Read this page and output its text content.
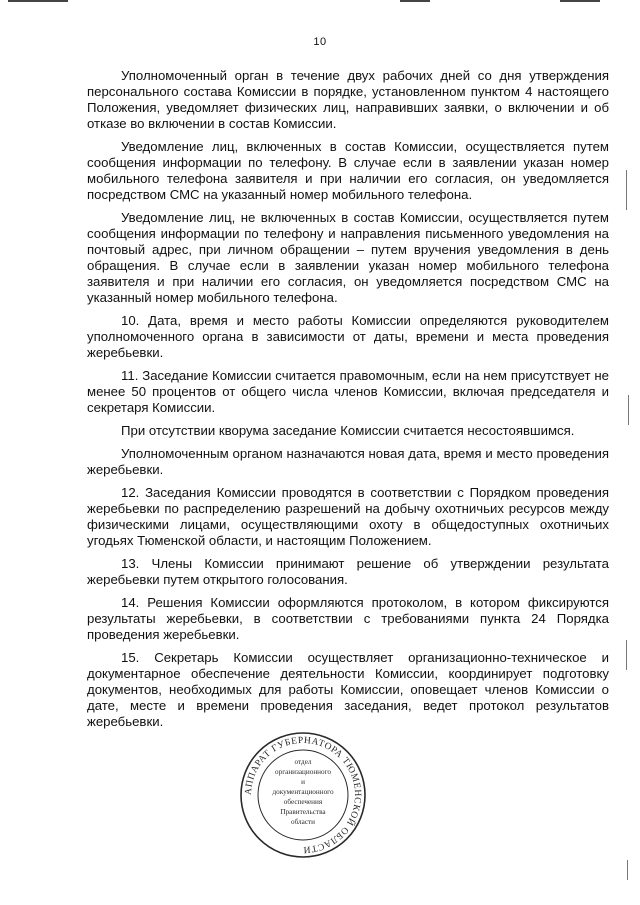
10

Уполномоченный орган в течение двух рабочих дней со дня утверждения персонального состава Комиссии в порядке, установленном пунктом 4 настоящего Положения, уведомляет физических лиц, направивших заявки, о включении и об отказе во включении в состав Комиссии.

Уведомление лиц, включенных в состав Комиссии, осуществляется путем сообщения информации по телефону. В случае если в заявлении указан номер мобильного телефона заявителя и при наличии его согласия, он уведомляется посредством СМС на указанный номер мобильного телефона.

Уведомление лиц, не включенных в состав Комиссии, осуществляется путем сообщения информации по телефону и направления письменного уведомления на почтовый адрес, при личном обращении – путем вручения уведомления в день обращения. В случае если в заявлении указан номер мобильного телефона заявителя и при наличии его согласия, он уведомляется посредством СМС на указанный номер мобильного телефона.

10. Дата, время и место работы Комиссии определяются руководителем уполномоченного органа в зависимости от даты, времени и места проведения жеребьевки.

11. Заседание Комиссии считается правомочным, если на нем присутствует не менее 50 процентов от общего числа членов Комиссии, включая председателя и секретаря Комиссии.

При отсутствии кворума заседание Комиссии считается несостоявшимся.

Уполномоченным органом назначаются новая дата, время и место проведения жеребьевки.

12. Заседания Комиссии проводятся в соответствии с Порядком проведения жеребьевки по распределению разрешений на добычу охотничьих ресурсов между физическими лицами, осуществляющими охоту в общедоступных охотничьих угодьях Тюменской области, и настоящим Положением.

13. Члены Комиссии принимают решение об утверждении результата жеребьевки путем открытого голосования.

14. Решения Комиссии оформляются протоколом, в котором фиксируются результаты жеребьевки, в соответствии с требованиями пункта 24 Порядка проведения жеребьевки.

15. Секретарь Комиссии осуществляет организационно-техническое и документарное обеспечение деятельности Комиссии, координирует подготовку документов, необходимых для работы Комиссии, оповещает членов Комиссии о дате, месте и времени проведения заседания, ведет протокол результатов жеребьевки.

АППАРАТ ГУБЕРНАТОРА ТЮМЕНСКОЙ ОБЛАСТИ
отдел
организационного
и
документационного
обеспечения
Правительства
области
